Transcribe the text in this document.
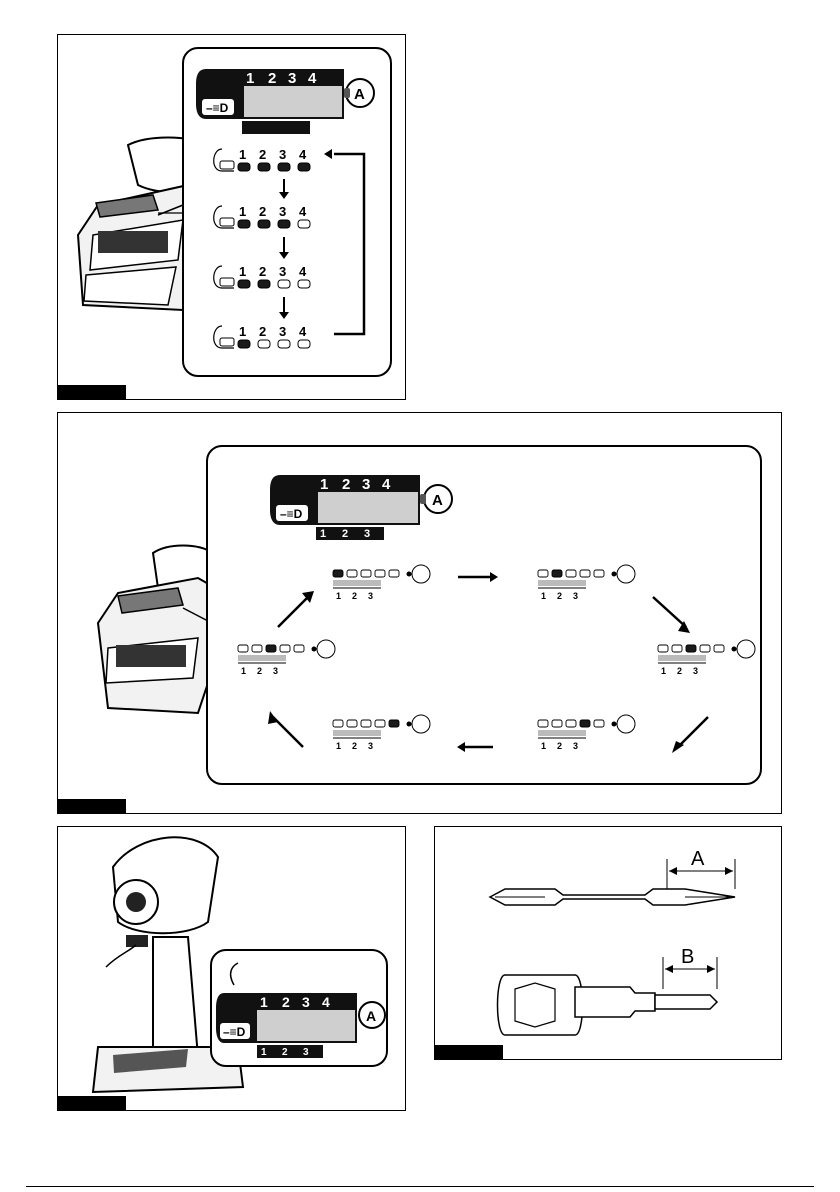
–≡D
A
1 2 3 4
1 2 3 4
1 2 3 4
1 2 3 4
1 2 3 4
–≡D
A
1 2 3 4
1 2 3
1 2 3	1 2 3
1 2 3
1 2 3
1 2 3
1 2 3
–≡D
A
1 2 3 4
1 2 3
A
B
